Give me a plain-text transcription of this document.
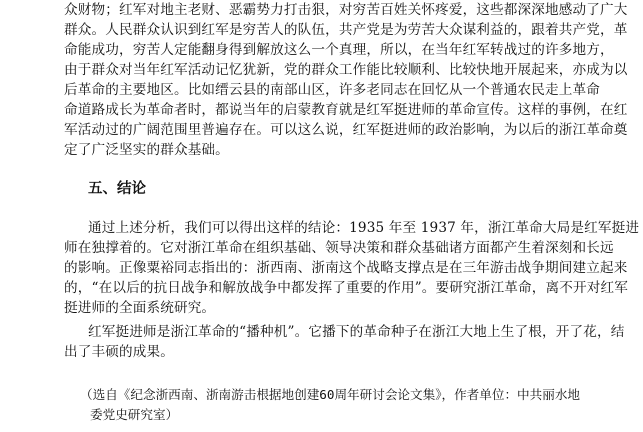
众财物；红军对地主老财、恶霸势力打击狠，对穷苦百姓关怀疼爱，这些都深深地感动了广大
群众。人民群众认识到红军是穷苦人的队伍，共产党是为劳苦大众谋利益的，跟着共产党，革
命能成功，穷苦人定能翻身得到解放这么一个真理，所以，在当年红军转战过的许多地方，
由于群众对当年红军活动记忆犹新，党的群众工作能比较顺利、比较快地开展起来，亦成为以
后革命的主要地区。比如缙云县的南部山区，许多老同志在回忆从一个普通农民走上革命
命道路成长为革命者时，都说当年的启蒙教育就是红军挺进师的革命宣传。这样的事例，在红
军活动过的广阔范围里普遍存在。可以这么说，红军挺进师的政治影响，为以后的浙江革命奠
定了广泛坚实的群众基础。
五、结论
通过上述分析，我们可以得出这样的结论：1935 年至 1937 年，浙江革命大局是红军挺进
师在独撑着的。它对浙江革命在组织基础、领导决策和群众基础诸方面都产生着深刻和长远
的影响。正像粟裕同志指出的：浙西南、浙南这个战略支撑点是在三年游击战争期间建立起来
的，“在以后的抗日战争和解放战争中都发挥了重要的作用”。要研究浙江革命，离不开对红军
挺进师的全面系统研究。
红军挺进师是浙江革命的“播种机”。它播下的革命种子在浙江大地上生了根，开了花，结
出了丰硕的成果。
（选自《纪念浙西南、浙南游击根据地创建60周年研讨会论文集》，作者单位：中共丽水地
委党史研究室）
